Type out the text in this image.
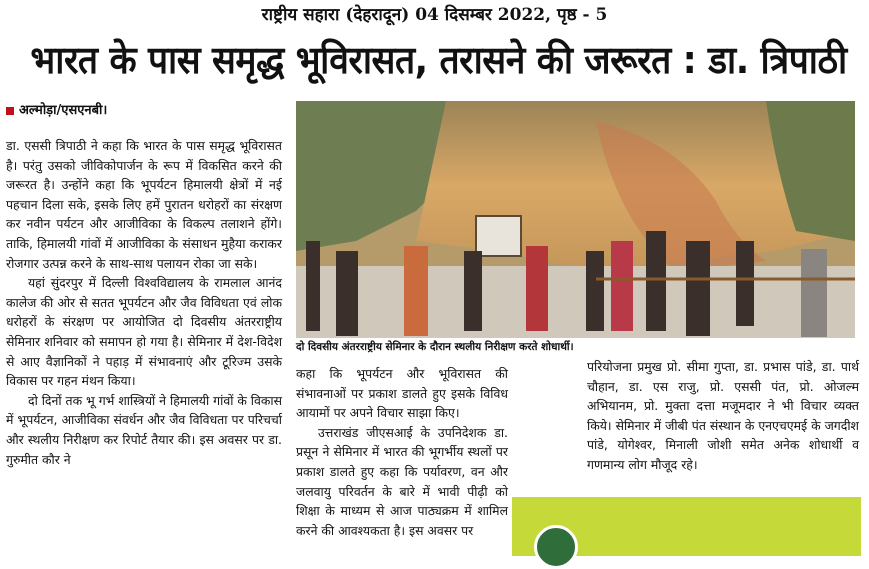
राष्ट्रीय सहारा (देहरादून) 04 दिसम्बर 2022, पृष्ठ - 5
भारत के पास समृद्ध भूविरासत, तरासने की जरूरत : डा. त्रिपाठी
अल्मोड़ा/एसएनबी।

डा. एससी त्रिपाठी ने कहा कि भारत के पास समृद्ध भूविरासत है। परंतु उसको जीविकोपार्जन के रूप में विकसित करने की जरूरत है। उन्होंने कहा कि भूपर्यटन हिमालयी क्षेत्रों में नई पहचान दिला सके, इसके लिए हमें पुरातन धरोहरों का संरक्षण कर नवीन पर्यटन और आजीविका के विकल्प तलाशने होंगे। ताकि, हिमालयी गांवों में आजीविका के संसाधन मुहैया कराकर रोजगार उत्पन्न करने के साथ-साथ पलायन रोका जा सके।

यहां सुंदरपुर में दिल्ली विश्वविद्यालय के रामलाल आनंद कालेज की ओर से सतत भूपर्यटन और जैव विविधता एवं लोक धरोहरों के संरक्षण पर आयोजित दो दिवसीय अंतरराष्ट्रीय सेमिनार शनिवार को समापन हो गया है। सेमिनार में देश-विदेश से आए वैज्ञानिकों ने पहाड़ में संभावनाएं और टूरिज्म उसके विकास पर गहन मंथन किया।

दो दिनों तक भू गर्भ शास्त्रियों ने हिमालयी गांवों के विकास में भूपर्यटन, आजीविका संवर्धन और जैव विविधता पर परिचर्चा और स्थलीय निरीक्षण कर रिपोर्ट तैयार की। इस अवसर पर डा. गुरुमीत कौर ने

दो दिवसीय अंतरराष्ट्रीय सेमिनार के दौरान स्थलीय निरीक्षण करते शोधार्थी।

कहा कि भूपर्यटन और भूविरासत की संभावनाओं पर प्रकाश डालते हुए इसके विविध आयामों पर अपने विचार साझा किए।

उत्तराखंड जीएसआई के उपनिदेशक डा. प्रसून ने सेमिनार में भारत की भूगर्भीय स्थलों पर प्रकाश डालते हुए कहा कि पर्यावरण, वन और जलवायु परिवर्तन के बारे में भावी पीढ़ी को शिक्षा के माध्यम से आज पाठ्यक्रम में शामिल करने की आवश्यकता है। इस अवसर पर

परियोजना प्रमुख प्रो. सीमा गुप्ता, डा. प्रभास पांडे, डा. पार्थ चौहान, डा. एस राजु, प्रो. एससी पंत, प्रो. ओजल्म अभियानम, प्रो. मुक्ता दत्ता मजूमदार ने भी विचार व्यक्त किये। सेमिनार में जीबी पंत संस्थान के एनएचएमई के जगदीश पांडे, योगेश्वर, मिनाली जोशी समेत अनेक शोधार्थी व गणमान्य लोग मौजूद रहे।
